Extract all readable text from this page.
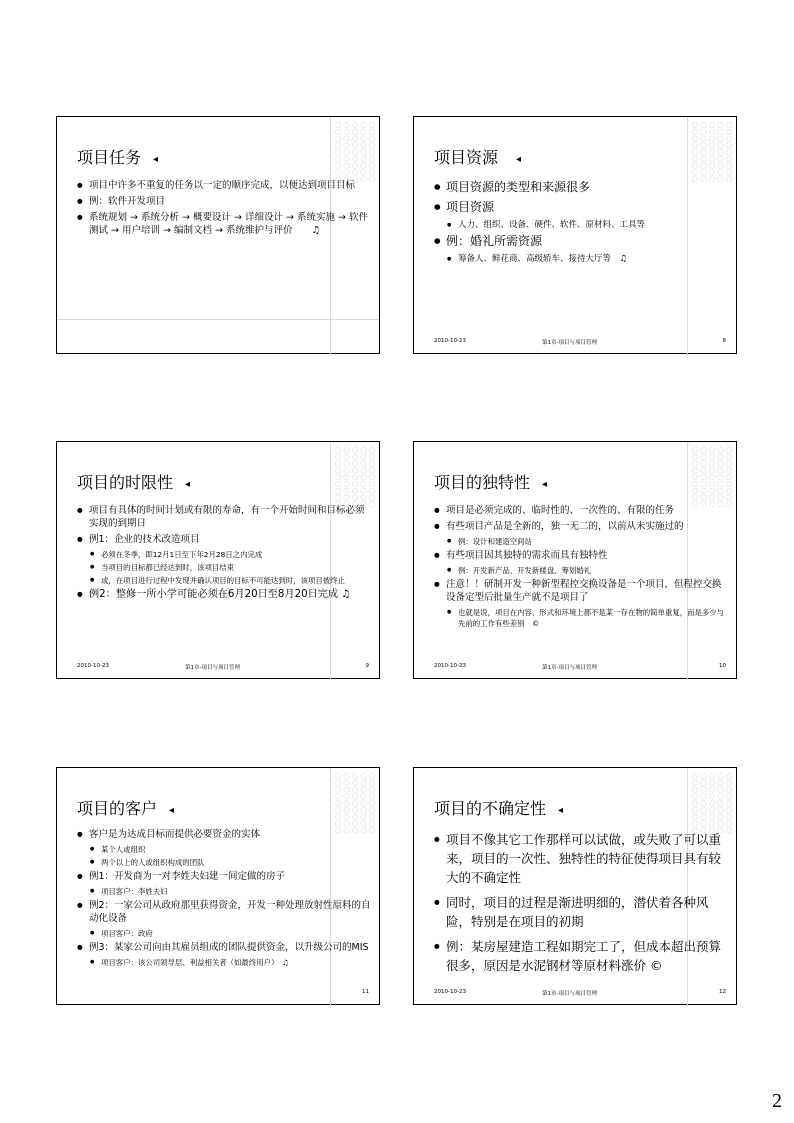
项目任务 ◂
● 项目中许多不重复的任务以一定的顺序完成，以便达到项目目标
● 例：软件开发项目
● 系统规划 → 系统分析 → 概要设计 → 详细设计 → 系统实施 → 软件测试 → 用户培训 → 编制文档 → 系统维护与评价　　♫
项目资源 ◂
● 项目资源的类型和来源很多
● 项目资源
● 人力、组织、设备、硬件、软件、原材料、工具等
● 例：婚礼所需资源
● 筹备人、鲜花商、高级轿车、接待大厅等　♫
2010-10-23	第1章-项目与项目管理	8
项目的时限性 ◂
● 项目有具体的时间计划或有限的寿命，有一个开始时间和目标必须实现的到期日
● 例1：企业的技术改造项目
● 必须在冬季，即12月1日至下年2月28日之内完成
● 当项目的目标都已经达到时，该项目结束
● 或，在项目进行过程中发现并确认项目的目标不可能达到时，该项目被终止
● 例2：整修一所小学可能必须在6月20日至8月20日完成 ♫
2010-10-23	第1章-项目与项目管理	9
项目的独特性 ◂
● 项目是必须完成的、临时性的、一次性的、有限的任务
● 有些项目产品是全新的，独一无二的，以前从未实施过的
● 例：设计和建造空间站
● 有些项目因其独特的需求而具有独特性
● 例：开发新产品、开发新楼盘、筹划婚礼
● 注意！！研制开发一种新型程控交换设备是一个项目，但程控交换设备定型后批量生产就不是项目了
● 也就是说，项目在内容、形式和环境上都不是某一存在物的简单重复，而是多少与先前的工作有些差别　©
2010-10-23	第1章-项目与项目管理	10
项目的客户 ◂
● 客户是为达成目标而提供必要资金的实体
● 某个人或组织
● 两个以上的人或组织构成的团队
● 例1：开发商为一对李姓夫妇建一间定做的房子
● 项目客户：李姓夫妇
● 例2：一家公司从政府那里获得资金，开发一种处理放射性原料的自动化设备
● 项目客户：政府
● 例3：某家公司向由其雇员组成的团队提供资金，以升级公司的MIS
● 项目客户：该公司领导层、利益相关者（如最终用户）　♫
11
项目的不确定性 ◂
● 项目不像其它工作那样可以试做，或失败了可以重来，项目的一次性、独特性的特征使得项目具有较大的不确定性
● 同时，项目的过程是渐进明细的，潜伏着各种风险，特别是在项目的初期
● 例：某房屋建造工程如期完工了，但成本超出预算很多，原因是水泥钢材等原材料涨价 ©
2010-10-23	第1章-项目与项目管理	12
2
